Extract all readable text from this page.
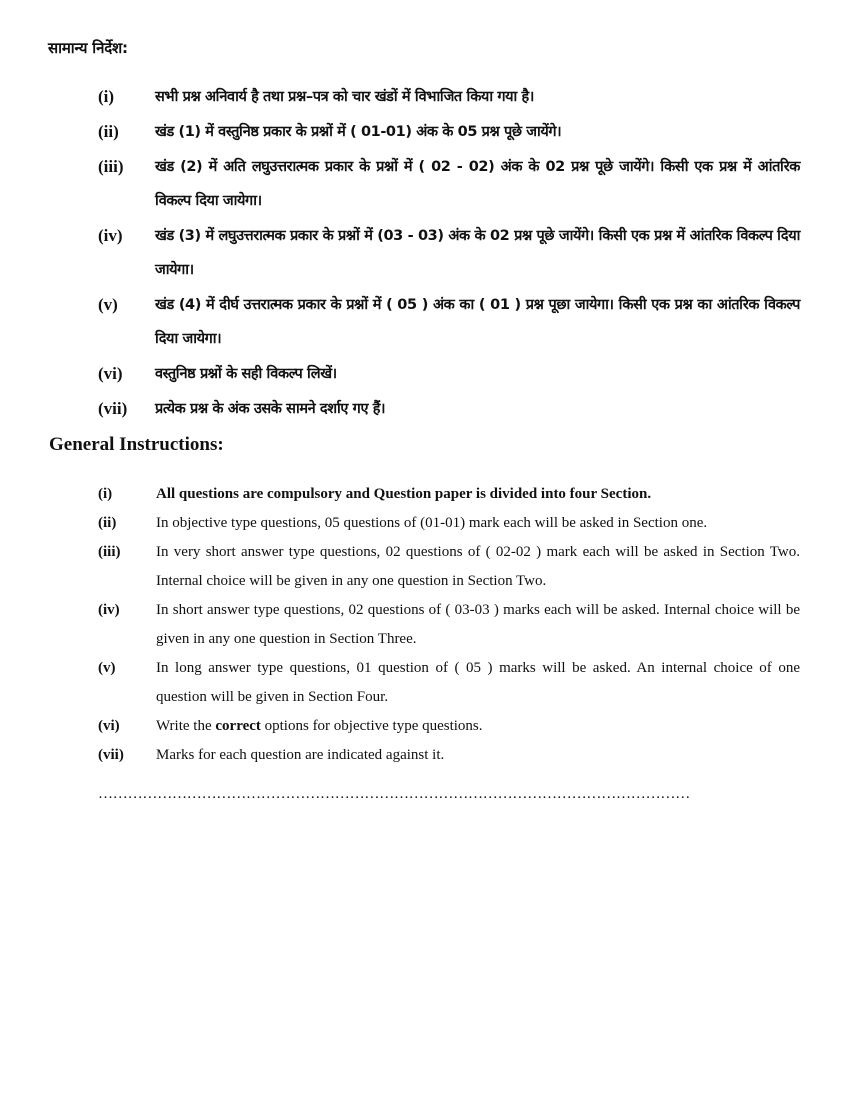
सामान्य निर्देश:
(i)	सभी प्रश्न अनिवार्य है तथा प्रश्न–पत्र को चार खंडों में विभाजित किया गया है।
(ii)	खंड (1) में वस्तुनिष्ठ प्रकार के प्रश्नों में ( 01-01) अंक के 05 प्रश्न पूछे जायेंगे।
(iii)	खंड (2) में अति लघुउत्तरात्मक प्रकार के प्रश्नों में ( 02 - 02) अंक के 02 प्रश्न पूछे जायेंगे। किसी एक प्रश्न में आंतरिक विकल्प दिया जायेगा।
(iv)	खंड (3) में लघुउत्तरात्मक प्रकार के प्रश्नों में (03 - 03) अंक के 02 प्रश्न पूछे जायेंगे। किसी एक प्रश्न में आंतरिक विकल्प दिया जायेगा।
(v)	खंड (4) में दीर्घ उत्तरात्मक प्रकार के प्रश्नों में ( 05 ) अंक का ( 01 ) प्रश्न पूछा जायेगा। किसी एक प्रश्न का आंतरिक विकल्प दिया जायेगा।
(vi)	वस्तुनिष्ठ प्रश्नों के सही विकल्प लिखें।
(vii)	प्रत्येक प्रश्न के अंक उसके सामने दर्शाए गए हैं।
General Instructions:
(i)	All questions are compulsory and Question paper is divided into four Section.
(ii)	In objective type questions, 05 questions of (01-01) mark each will be asked in Section one.
(iii)	In very short answer type questions, 02 questions of ( 02-02 ) mark each will be asked in Section Two. Internal choice will be given in any one question in Section Two.
(iv)	In short answer type questions, 02 questions of ( 03-03 ) marks each will be asked. Internal choice will be given in any one question in Section Three.
(v)	In long answer type questions, 01 question of ( 05 ) marks will be asked. An internal choice of one question will be given in Section Four.
(vi)	Write the correct options for objective type questions.
(vii)	Marks for each question are indicated against it.
…………………………………………………………………………………………………………
